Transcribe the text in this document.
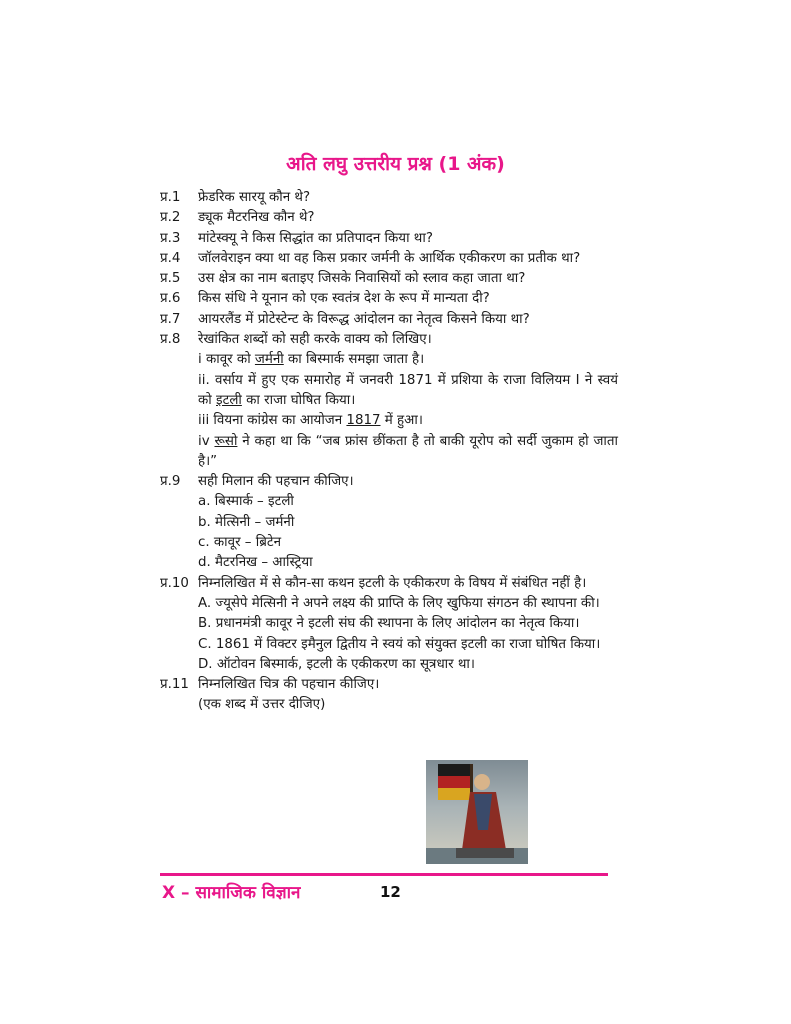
अति लघु उत्तरीय प्रश्न (1 अंक)
प्र.1	फ्रेडरिक सारयू कौन थे?
प्र.2	ड्यूक मैटरनिख कौन थे?
प्र.3	मांटेस्क्यू ने किस सिद्धांत का प्रतिपादन किया था?
प्र.4	जॉलवेराइन क्या था वह किस प्रकार जर्मनी के आर्थिक एकीकरण का प्रतीक था?
प्र.5	उस क्षेत्र का नाम बताइए जिसके निवासियों को स्लाव कहा जाता था?
प्र.6	किस संधि ने यूनान को एक स्वतंत्र देश के रूप में मान्यता दी?
प्र.7	आयरलैंड में प्रोटेस्टेन्ट के विरूद्ध आंदोलन का नेतृत्व किसने किया था?
प्र.8	रेखांकित शब्दों को सही करके वाक्य को लिखिए।
i कावूर को जर्मनी का बिस्मार्क समझा जाता है।
ii. वर्साय में हुए एक समारोह में जनवरी 1871 में प्रशिया के राजा विलियम I ने स्वयं को इटली का राजा घोषित किया।
iii वियना कांग्रेस का आयोजन 1817 में हुआ।
iv रूसो ने कहा था कि “जब फ्रांस छींकता है तो बाकी यूरोप को सर्दी जुकाम हो जाता है।”
प्र.9	सही मिलान की पहचान कीजिए।
a. बिस्मार्क – इटली
b. मेत्सिनी – जर्मनी
c. कावूर – ब्रिटेन
d. मैटरनिख – आस्ट्रिया
प्र.10 निम्नलिखित में से कौन-सा कथन इटली के एकीकरण के विषय में संबंधित नहीं है।
A. ज्यूसेपे मेत्सिनी ने अपने लक्ष्य की प्राप्ति के लिए खुफिया संगठन की स्थापना की।
B. प्रधानमंत्री कावूर ने इटली संघ की स्थापना के लिए आंदोलन का नेतृत्व किया।
C. 1861 में विक्टर इमैनुल द्वितीय ने स्वयं को संयुक्त इटली का राजा घोषित किया।
D. ऑटोवन बिस्मार्क, इटली के एकीकरण का सूत्रधार था।
प्र.11 निम्नलिखित चित्र की पहचान कीजिए।
(एक शब्द में उत्तर दीजिए)
X – सामाजिक विज्ञान	12
